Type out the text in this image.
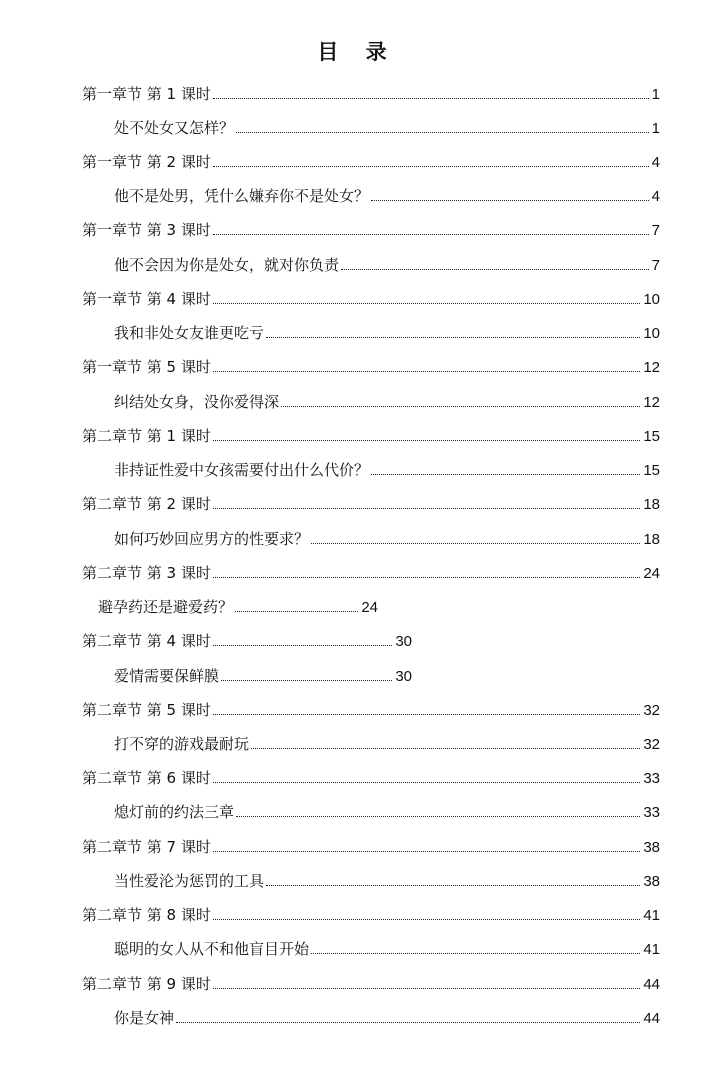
目 录
第一章节 第 1 课时	1
处不处女又怎样？	1
第一章节 第 2 课时	4
他不是处男，凭什么嫌弃你不是处女？	4
第一章节 第 3 课时	7
他不会因为你是处女，就对你负责	7
第一章节 第 4 课时	10
我和非处女友谁更吃亏	10
第一章节 第 5 课时	12
纠结处女身，没你爱得深	12
第二章节 第 1 课时	15
非持证性爱中女孩需要付出什么代价？	15
第二章节 第 2 课时	18
如何巧妙回应男方的性要求？	18
第二章节 第 3 课时	24
避孕药还是避爱药？	24
第二章节 第 4 课时	30
爱情需要保鲜膜	30
第二章节 第 5 课时	32
打不穿的游戏最耐玩	32
第二章节 第 6 课时	33
熄灯前的约法三章	33
第二章节 第 7 课时	38
当性爱沦为惩罚的工具	38
第二章节 第 8 课时	41
聪明的女人从不和他盲目开始	41
第二章节 第 9 课时	44
你是女神	44
